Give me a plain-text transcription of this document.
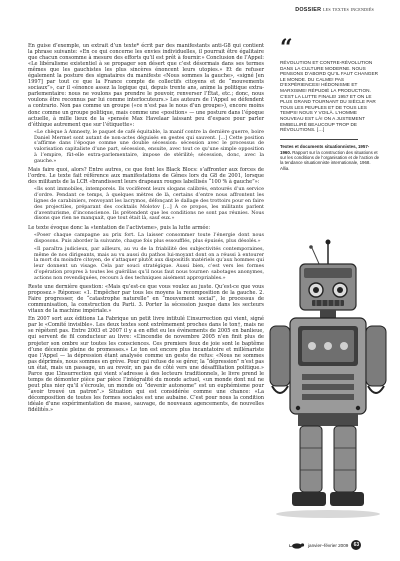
DOSSIER les textes incendiés

En guise d’exemple, un extrait d’un texte* écrit par des manifestants anti-G8 qui contient la phrase suivante: «En ce qui concerne les envies individuelles, il pourrait être égalitaire que chacun consomme à mesure des efforts qu’il est prêt à fournir.» Conclusion de l’Appel: «Le libéralisme existentiel à se propager son désert que c’est désormais dans ses termes mêmes que les gauchistes les plus sincères énoncent leurs utopies.» Et de refuser également la posture des signataires du manifeste «Nous sommes la gauche», «signé [en 1997] par tout ce que la France compte de collectifs citoyens et de “mouvements sociaux”», car il «énonce assez la logique qui, depuis trente ans, anime la politique extra-parlementaire: nous ne voulons pas prendre le pouvoir, renverser l’État, etc.; donc, nous voulons être reconnus par lui comme interlocuteurs.» Les auteurs de l’Appel se défendent a contrario. Non pas comme un groupe («ce n’est pas le nous d’un groupe»), encore moins donc comme un groupe politique, mais comme une «position» — une posture dans l’époque actuelle, à mille lieux de la «pensée Max Havelaar laissant peu d’espace pour parler d’éthique autrement que sur l’étiquette»:

«Le chèque à Amnesty, le paquet de café équitable, la manif contre la dernière guerre, boire Daniel Mermet sont autant de non-actes déguisés en gestes qui sauvent. […] Cette position s’affirme dans l’époque comme une double sécession: sécession avec le processus de valorisation capitaliste d’une part, sécession, ensuite, avec tout ce qu’une simple opposition à l’empire, fût-elle extra-parlementaire, impose de stérilité; sécession, donc, avec la gauche.»

Mais faire quoi, alors? Entre autres, ce que font les Black Blocs: s’affronter aux forces de l’ordre. Le texte fait référence aux manifestations de Gênes lors du G8 de 2001, lorsque des militants de la LCR «brandissent leurs drapeaux rouges labellisés “100 % à gauche”»:

«Ils sont immobiles, intemporels. Ils vocifèrent leurs slogans calibrés, entourés d’un service d’ordre. Pendant ce temps, à quelques mètres de là, certains d’entre nous affrontent les lignes de carabiniers, renvoyant les lacrymos, défonçant le dallage des trottoirs pour en faire des projectiles, préparant des cocktails Molotov […] À ce propos, les militants parlent d’aventurisme, d’inconscience. Ils prétendent que les conditions ne sont pas réunies. Nous disons que rien ne manquait, que tout était là, sauf eux.»

Le texte évoque donc la «tentation de l’activisme», puis la lutte armée:

«Poser chaque campagne au prix fort. La laisser consommer toute l’énergie dont nous disposons. Puis aborder la suivante, chaque fois plus essoufflés, plus épuisés, plus désolés.»

«Il paraîtra judicieux, par ailleurs, au vu de la friabilité des subjectivités contemporaines, même de nos dirigeants, mais au vu aussi du pathos lui-moyant dont on a réussi à entourer la mort du moindre citoyen, de s’attaquer plutôt aux dispositifs matériels qu’aux hommes qui leur donnent un visage. Cela par souci stratégique. Aussi bien, c’est vers les formes d’opération propres à toutes les guérillas qu’il nous faut nous tourner: sabotages anonymes, actions non revendiquées, recours à des techniques aisément appropriables.»

Reste une dernière question: «Mais qu’est-ce que vous voulez au juste. Qu’est-ce que vous proposez.» Réponse: «1. Empêcher par tous les moyens la recomposition de la gauche. 2. Faire progresser, de “catastrophe naturelle” en “mouvement social”, le processus de communisation, la construction du Parti. 3. Porter la sécession jusque dans les secteurs vitaux de la machine impériale.»

En 2007 sort aux éditions La Fabrique un petit livre intitulé L’insurrection qui vient, signé par le «Comité invisible». Les deux textes sont extrêmement proches dans le ton†, mais ne se répètent pas. Entre 2003 et 2007 il y a en effet eu les événements de 2005 en banlieue, qui servent de fil conducteur au livre: «L’incendie de novembre 2005 n’en finit plus de projeter son ombre sur toutes les consciences. Ces premiers feux de joie sont le baptême d’une décennie pleine de promesses.» Le ton est encore plus incantatoire et millénariste que l’Appel — la dépression étant analysée comme un geste de refus: «Nous ne sommes pas déprimés, nous sommes en grève. Pour qui refuse de se gérer, la “dépression” n’est pas un état, mais un passage, un au revoir, un pas de côté vers une désaffiliation politique.» Parce que L’insurrection qui vient s’adresse à des lecteurs traditionnels, le livre prend le temps de démonter pièce par pièce l’intégralité du monde actuel, «un monde dont nul ne peut plus nier qu’il s’écroule, un monde où “devenir autonome” est un euphémisme pour “avoir trouvé un patron”.» Situation qui est considérée comme une chance: «La décomposition de toutes les formes sociales est une aubaine. C’est pour nous la condition idéale d’une expérimentation de masse, sauvage, de nouveaux agencements, de nouvelles fidélités.»

“
RÉVOLUTION ET CONTRE-RÉVOLUTION DANS LA CULTURE MODERNE. NOUS PENSONS D’ABORD QU’IL FAUT CHANGER LE MONDE. DU CALME! PAS D’EXPÉRIENCES! HÉDONISME ET MARXISME! RÉPUDIÉ LA PRODUCTION. C’EST LA LUTTE FINALE! 1957 ET ON LE PLUS GRAND TOURNANT DU SIÈCLE PAR TOUS LES PEUPLES ET DE TOUS LES TEMPS! NOUS Y VOILÀ. L’HOMME NOUVEAU EST LÀ! ON A JUSTEMENT EMBELLIRÉ BEAUCOUP TROP DE RÉVOLUTIONS. […]
Textes et documents situationnistes, 1957-1960. Rapport sur la construction des situations et sur les conditions de l’organisation et de l’action de la tendance situationniste internationale, 1968. Allia.
janvier–février 2009	63
